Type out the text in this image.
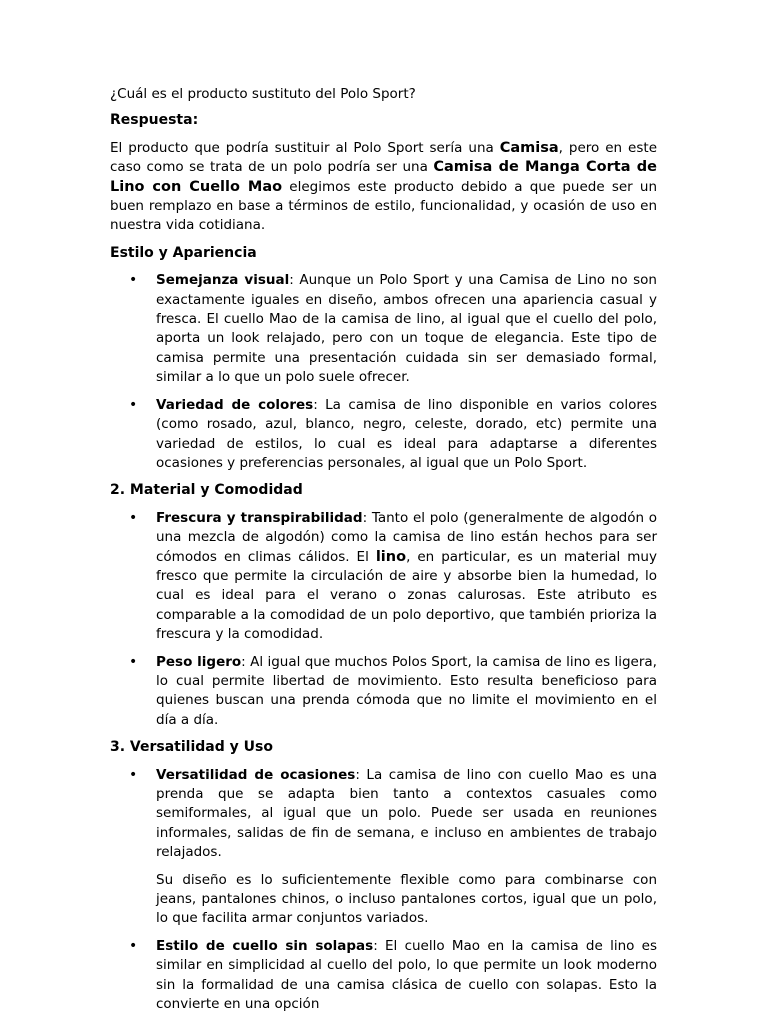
¿Cuál es el producto sustituto del Polo Sport?

Respuesta:

El producto que podría sustituir al Polo Sport sería una Camisa, pero en este caso como se trata de un polo podría ser una Camisa de Manga Corta de Lino con Cuello Mao elegimos este producto debido a que puede ser un buen remplazo en base a términos de estilo, funcionalidad, y ocasión de uso en nuestra vida cotidiana.

Estilo y Apariencia

• Semejanza visual: Aunque un Polo Sport y una Camisa de Lino no son exactamente iguales en diseño, ambos ofrecen una apariencia casual y fresca. El cuello Mao de la camisa de lino, al igual que el cuello del polo, aporta un look relajado, pero con un toque de elegancia. Este tipo de camisa permite una presentación cuidada sin ser demasiado formal, similar a lo que un polo suele ofrecer.
• Variedad de colores: La camisa de lino disponible en varios colores (como rosado, azul, blanco, negro, celeste, dorado, etc) permite una variedad de estilos, lo cual es ideal para adaptarse a diferentes ocasiones y preferencias personales, al igual que un Polo Sport.

2. Material y Comodidad

• Frescura y transpirabilidad: Tanto el polo (generalmente de algodón o una mezcla de algodón) como la camisa de lino están hechos para ser cómodos en climas cálidos. El lino, en particular, es un material muy fresco que permite la circulación de aire y absorbe bien la humedad, lo cual es ideal para el verano o zonas calurosas. Este atributo es comparable a la comodidad de un polo deportivo, que también prioriza la frescura y la comodidad.
• Peso ligero: Al igual que muchos Polos Sport, la camisa de lino es ligera, lo cual permite libertad de movimiento. Esto resulta beneficioso para quienes buscan una prenda cómoda que no limite el movimiento en el día a día.

3. Versatilidad y Uso

• Versatilidad de ocasiones: La camisa de lino con cuello Mao es una prenda que se adapta bien tanto a contextos casuales como semiformales, al igual que un polo. Puede ser usada en reuniones informales, salidas de fin de semana, e incluso en ambientes de trabajo relajados.

Su diseño es lo suficientemente flexible como para combinarse con jeans, pantalones chinos, o incluso pantalones cortos, igual que un polo, lo que facilita armar conjuntos variados.

• Estilo de cuello sin solapas: El cuello Mao en la camisa de lino es similar en simplicidad al cuello del polo, lo que permite un look moderno sin la formalidad de una camisa clásica de cuello con solapas. Esto la convierte en una opción
